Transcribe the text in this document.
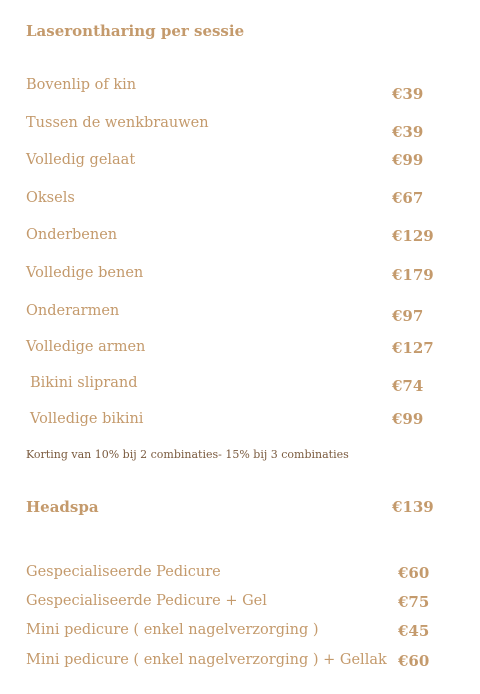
Laserontharing per sessie
Bovenlip of kin	€39
Tussen de wenkbrauwen	€39
Volledig gelaat	€99
Oksels	€67
Onderbenen	€129
Volledige benen	€179
Onderarmen	€97
Volledige armen	€127
Bikini sliprand	€74
Volledige bikini	€99
Korting van 10% bij 2 combinaties- 15% bij 3 combinaties
Headspa	€139
Gespecialiseerde Pedicure	€60
Gespecialiseerde Pedicure + Gel	€75
Mini pedicure ( enkel nagelverzorging )	€45
Mini pedicure ( enkel nagelverzorging ) + Gellak €60
